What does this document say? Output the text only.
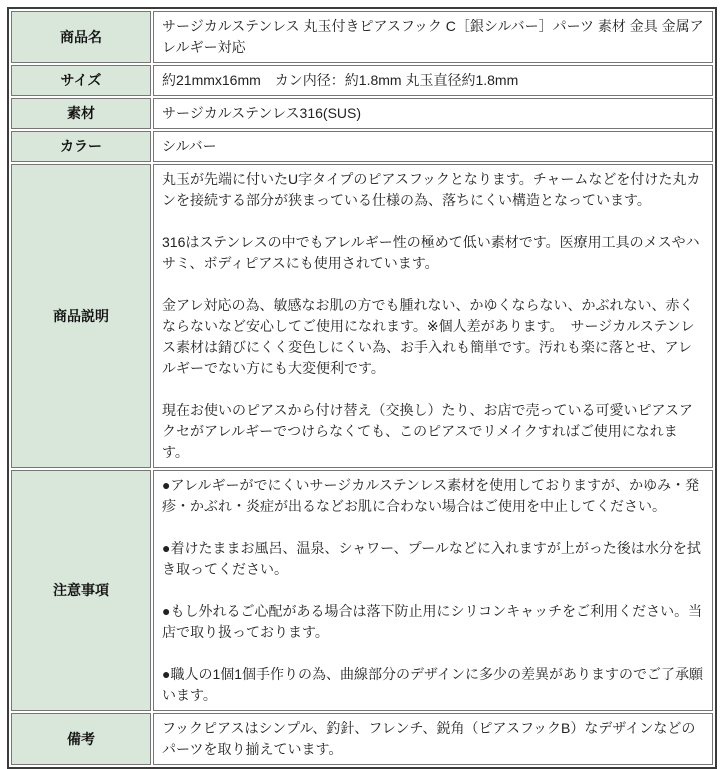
商品名	サージカルステンレス 丸玉付きピアスフック C［銀シルバー］パーツ 素材 金具 金属アレルギー対応

サイズ	約21mmx16mm　カン内径：約1.8mm 丸玉直径約1.8mm

素材	サージカルステンレス316(SUS)

カラー	シルバー

商品説明	丸玉が先端に付いたU字タイプのピアスフックとなります。チャームなどを付けた丸カンを接続する部分が狭まっている仕様の為、落ちにくい構造となっています。

316はステンレスの中でもアレルギー性の極めて低い素材です。医療用工具のメスやハサミ、ボディピアスにも使用されています。

金アレ対応の為、敏感なお肌の方でも腫れない、かゆくならない、かぶれない、赤くならないなど安心してご使用になれます。※個人差があります。　サージカルステンレス素材は錆びにくく変色しにくい為、お手入れも簡単です。汚れも楽に落とせ、アレルギーでない方にも大変便利です。

現在お使いのピアスから付け替え（交換し）たり、お店で売っている可愛いピアスアクセがアレルギーでつけらなくても、このピアスでリメイクすればご使用になれます。

注意事項	●アレルギーがでにくいサージカルステンレス素材を使用しておりますが、かゆみ・発疹・かぶれ・炎症が出るなどお肌に合わない場合はご使用を中止してください。

●着けたままお風呂、温泉、シャワー、プールなどに入れますが上がった後は水分を拭き取ってください。

●もし外れるご心配がある場合は落下防止用にシリコンキャッチをご利用ください。当店で取り扱っております。

●職人の1個1個手作りの為、曲線部分のデザインに多少の差異がありますのでご了承願います。

備考	フックピアスはシンプル、釣針、フレンチ、鋭角（ピアスフックB）なデザインなどのパーツを取り揃えています。
